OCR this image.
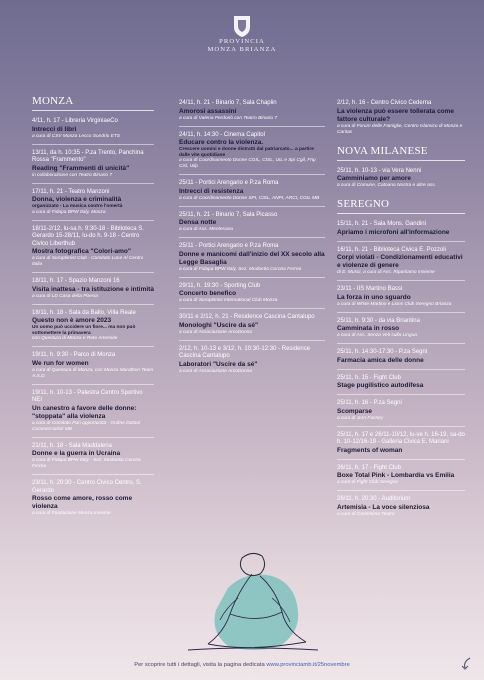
PROVINCIA
MONZA BRIANZA
MONZA
4/11, h. 17 - Libreria VirginiaeCo
Intrecci di libri
a cura di CSV Monza Lecco Sondrio ETS
13/11, da h. 10:35 - P.za Trento, Panchina Rossa "Frammento"
Reading "Frammenti di unicità"
in collaborazione con Teatro Binario 7
17/11, h. 21 - Teatro Manzoni
Donna, violenza e criminalità
organizzato - La musica contro l'omertà
a cura di Fidapa BPW Italy, Monza
18/11-2/12, lu-sa h. 9:30-18 - Biblioteca S. Gerardo 15-28/11, lu-do h. 9-18 - Centro Civico Liberthub
Mostra fotografica "Colori-amo"
a cura di Soroptimist Club - Comitato Luce Al Centro Italia
18/11, h. 17 - Spazio Manzoni 16
Visita inattesa - tra istituzione e intimità
a cura di LD Casa della Poesia
18/11, h. 18 - Sala da Ballo, Villa Reale
Questo non è amore 2023
Un uomo può uccidere un fiore... ma non può sottomettere la primavera
con Questura di Monza e Rete Artemide
19/11, h. 9:30 - Parco di Monza
We run for women
a cura di Questura di Monza, con Monza Marathon Team A.S.D.
19/11, h. 10-13 - Palestra Centro Sportivo NEI
Un canestro a favore delle donne: "stoppata" alla violenza
a cura di Comitato Pari opportunità - Ordine Dottori Commercialisti MB
21/11, h. 18 - Sala Maddalena
Donne e la guerra in Ucraina
a cura di Fidapa BPW Italy - Sez. Modoetia Corona Ferrea
23/11, h. 20:30 - Centro Civico Centro, S. Gerardo
Rosso come amore, rosso come violenza
a cura di Fondazione Monza Insieme
24/11, h. 21 - Binario 7, Sala Chaplin
Amorosi assassini
a cura di Valeria Perdonò con Teatro Binario 7
24/11, h. 14:30 - Cinema Capitol
Educare contro la violenza.
Crescere uomini e donne distratti dal patriarcato... a partire dalle vite quotidiane
a cura di Coordinamento Donne CGIL, CISL, UIL e Spi Cgil, Fnp Cisl, Uilp
25/11 - Portici Arengario e P.za Roma
Intrecci di resistenza
a cura di Coordinamento Donne SPI, CISL, ANPI, ARCI, CGIL MB
25/11, h. 21 - Binario 7, Sala Picasso
Densa notte
a cura di Ass. Mentesana
25/11 - Portici Arengario e P.za Roma
Donne e manicomi dall'inizio del XX secolo alla Legge Basaglia
a cura di Fidapa BPW Italy, Sez. Modoetia Corona Ferrea
29/11, h. 19:30 - Sporting Club
Concerto benefico
a cura di Soroptimist International Club Monza
30/11 e 2/12, h. 21 - Residence Cascina Cantalupo
Monologhi "Uscire da sé"
a cura di Associazione ArcoDonna
2/12, h. 10-13 e 3/12, h. 10:30-12:30 - Residence Cascina Cantalupo
Laboratori "Uscire da sé"
a cura di Associazione ArcoDonna
2/12, h. 16 - Centro Civico Cederna
La violenza può essere tollerata come fattore culturale?
a cura di Forum delle Famiglie, Centro Islamico di Monza e Caritas
NOVA MILANESE
25/11, h. 10-13 - via Vera Nenni
Camminiamo per amore
a cura di Comune, Catoana Nostra e altre ass.
SEREGNO
15/11, h. 21 - Sala Mons. Gandini
Apriamo i microfoni all'informazione
16/11, h. 21 - Biblioteca Civica E. Pozzoli
Corpi violati - Condizionamenti educativi e violenze di genere
di E. Musci, a cura di Ass. Ripartiamo Insieme
23/11 - IIS Martino Bassi
La forza in uno sguardo
a cura di White Martino e Lions Club Seregno Brianza
25/11, h. 9:30 - da via Briantina
Camminata in rosso
a cura di Ass. Senza Veli sulla Lingua
25/11, h. 14:30-17:30 - P.za Segni
Farmacia amica delle donne
25/11, h. 15 - Fight Club
Stage pugilistico autodifesa
25/11, h. 16 - P.za Segni
Scomparse
a cura di Jorn Factory
25/11, h. 17 e 26/11-10/12, lu-ve h. 16-19, sa-do h. 10-12/16-19 - Galleria Civica E. Mariani
Fragments of woman
26/11, h. 17 - Fight Club
Boxe Total Pink - Lombardia vs Emilia
a cura di Fight Club Seregno
26/11, h. 20:30 - Auditorium
Artemisia - La voce silenziosa
a cura di Carlomima Teatro
Per scoprire tutti i dettagli, visita la pagina dedicata www.provinciamb.it/25novembre
